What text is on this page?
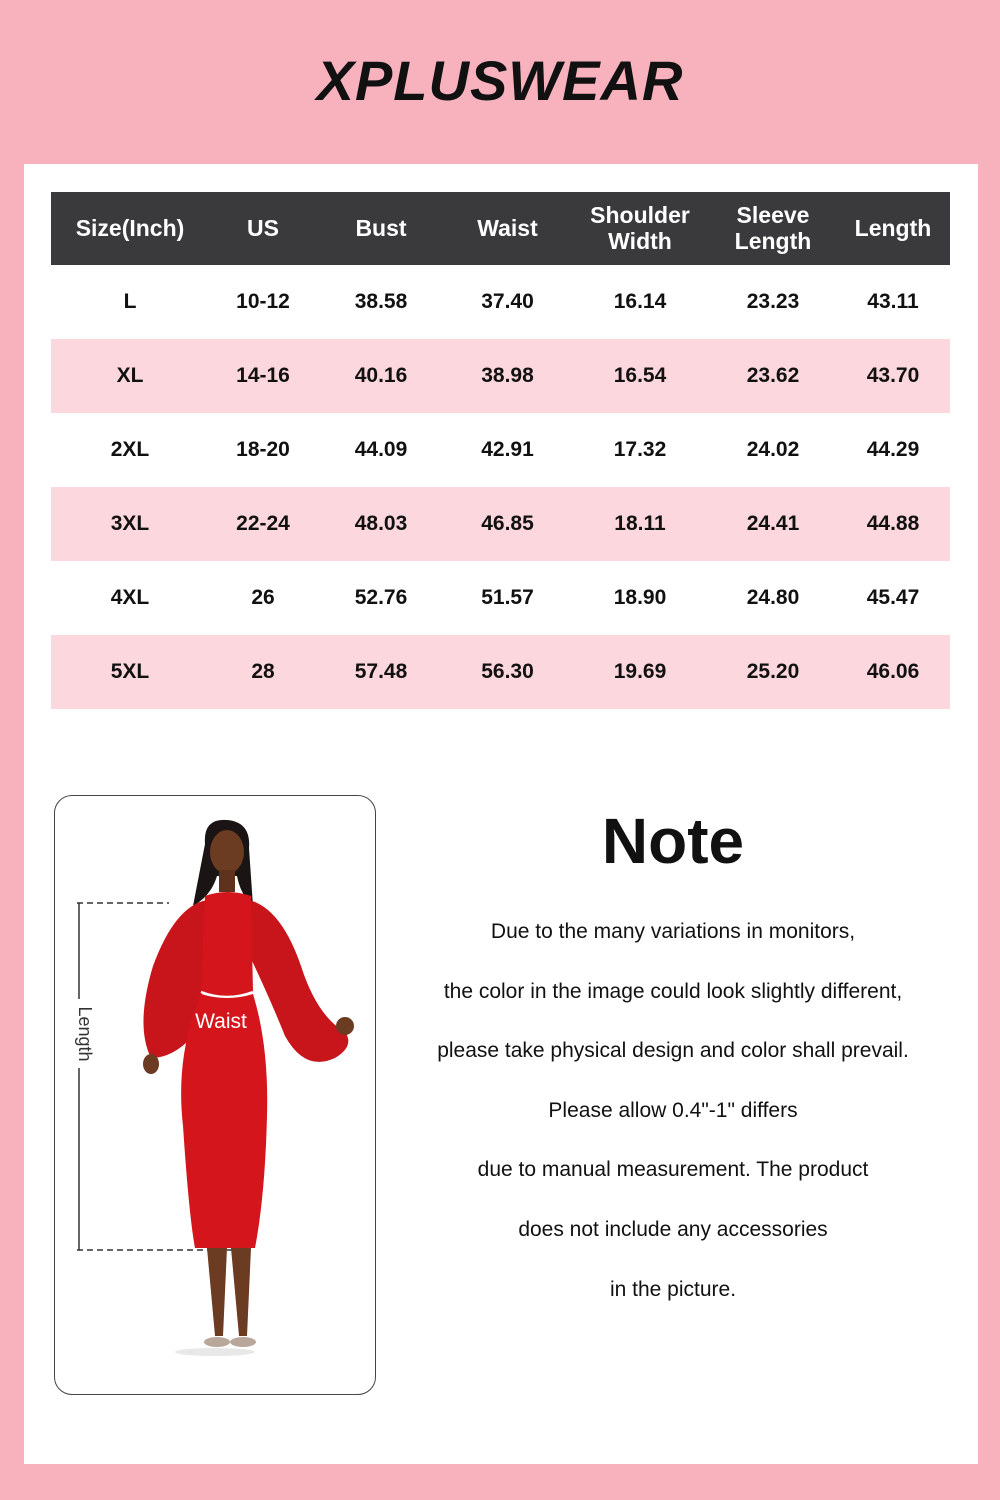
XPLUSWEAR
Size(Inch)	US	Bust	Waist	Shoulder Width	Sleeve Length	Length
L	10-12	38.58	37.40	16.14	23.23	43.11
XL	14-16	40.16	38.98	16.54	23.62	43.70
2XL	18-20	44.09	42.91	17.32	24.02	44.29
3XL	22-24	48.03	46.85	18.11	24.41	44.88
4XL	26	52.76	51.57	18.90	24.80	45.47
5XL	28	57.48	56.30	19.69	25.20	46.06
Length	Waist
Note
Due to the many variations in monitors,
the color in the image could look slightly different,
please take physical design and color shall prevail.
Please allow 0.4"-1" differs
due to manual measurement. The product
does not include any accessories
in the picture.
